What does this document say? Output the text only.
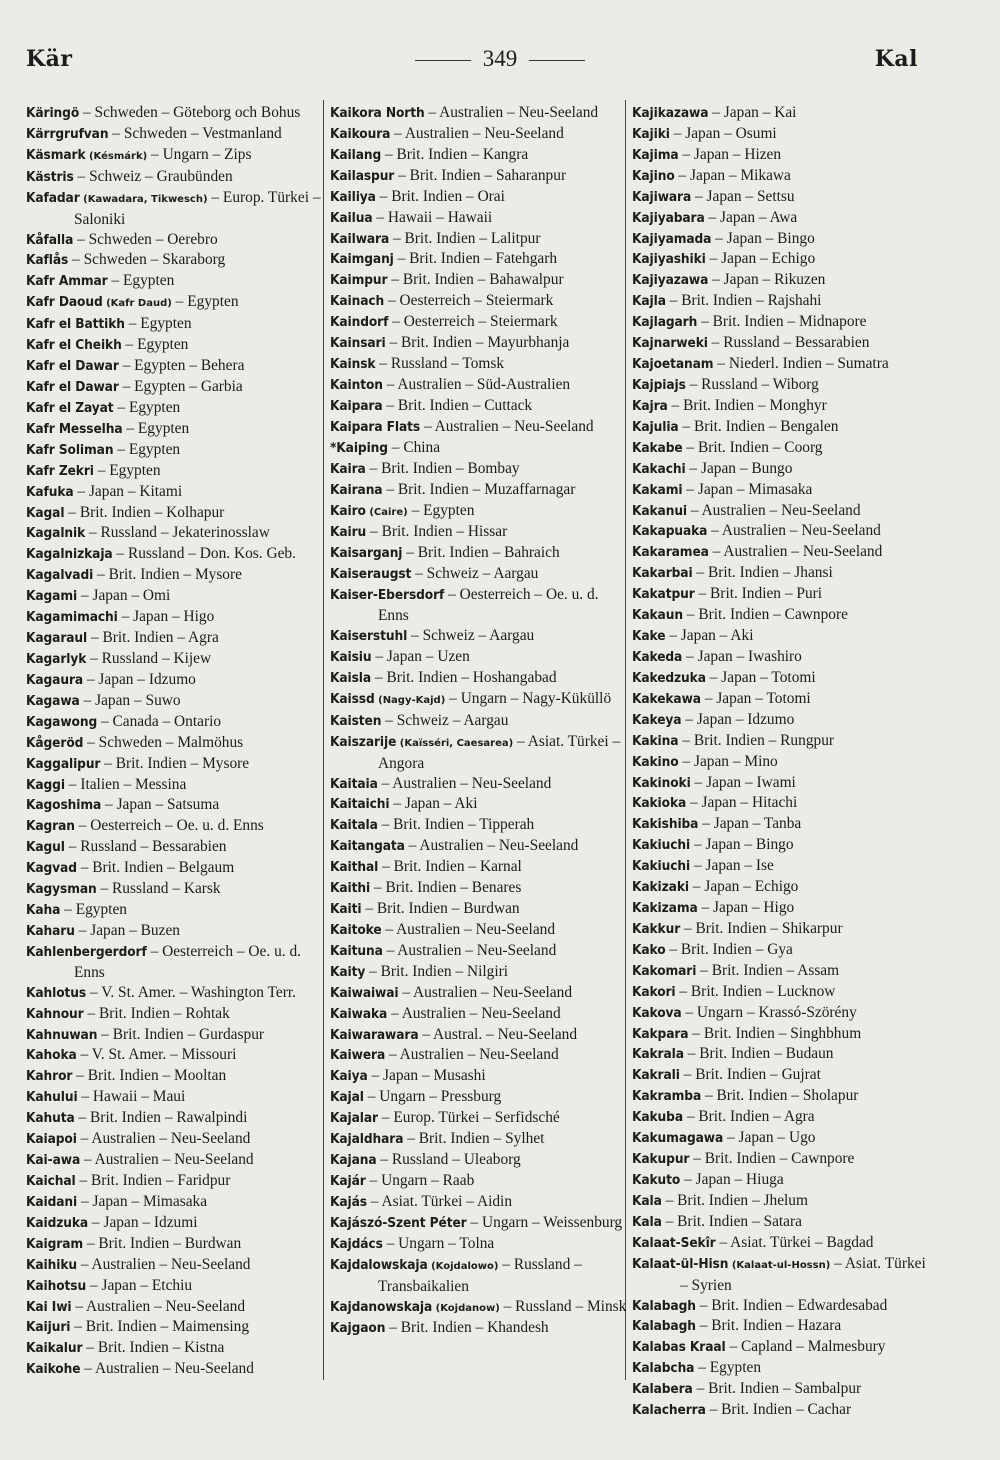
Kär	349	Kal
Käringö – Schweden – Göteborg och Bohus
Kärrgrufvan – Schweden – Vestmanland
Käsmark (Késmárk) – Ungarn – Zips
Kästris – Schweiz – Graubünden
Kafadar (Kawadara, Tikwesch) – Europ. Türkei – Saloniki
Kåfalla – Schweden – Oerebro
Kaflås – Schweden – Skaraborg
Kafr Ammar – Egypten
Kafr Daoud (Kafr Daud) – Egypten
Kafr el Battikh – Egypten
Kafr el Cheikh – Egypten
Kafr el Dawar – Egypten – Behera
Kafr el Dawar – Egypten – Garbia
Kafr el Zayat – Egypten
Kafr Messelha – Egypten
Kafr Soliman – Egypten
Kafr Zekri – Egypten
Kafuka – Japan – Kitami
Kagal – Brit. Indien – Kolhapur
Kagalnik – Russland – Jekaterinosslaw
Kagalnizkaja – Russland – Don. Kos. Geb.
Kagalvadi – Brit. Indien – Mysore
Kagami – Japan – Omi
Kagamimachi – Japan – Higo
Kagaraul – Brit. Indien – Agra
Kagarlyk – Russland – Kijew
Kagaura – Japan – Idzumo
Kagawa – Japan – Suwo
Kagawong – Canada – Ontario
Kågeröd – Schweden – Malmöhus
Kaggalipur – Brit. Indien – Mysore
Kaggi – Italien – Messina
Kagoshima – Japan – Satsuma
Kagran – Oesterreich – Oe. u. d. Enns
Kagul – Russland – Bessarabien
Kagvad – Brit. Indien – Belgaum
Kagysman – Russland – Karsk
Kaha – Egypten
Kaharu – Japan – Buzen
Kahlenbergerdorf – Oesterreich – Oe. u. d. Enns
Kahlotus – V. St. Amer. – Washington Terr.
Kahnour – Brit. Indien – Rohtak
Kahnuwan – Brit. Indien – Gurdaspur
Kahoka – V. St. Amer. – Missouri
Kahror – Brit. Indien – Mooltan
Kahului – Hawaii – Maui
Kahuta – Brit. Indien – Rawalpindi
Kaiapoi – Australien – Neu-Seeland
Kai-awa – Australien – Neu-Seeland
Kaichal – Brit. Indien – Faridpur
Kaidani – Japan – Mimasaka
Kaidzuka – Japan – Idzumi
Kaigram – Brit. Indien – Burdwan
Kaihiku – Australien – Neu-Seeland
Kaihotsu – Japan – Etchiu
Kai Iwi – Australien – Neu-Seeland
Kaijuri – Brit. Indien – Maimensing
Kaikalur – Brit. Indien – Kistna
Kaikohe – Australien – Neu-Seeland
Kaikora North – Australien – Neu-Seeland
Kaikoura – Australien – Neu-Seeland
Kailang – Brit. Indien – Kangra
Kailaspur – Brit. Indien – Saharanpur
Kailiya – Brit. Indien – Orai
Kailua – Hawaii – Hawaii
Kailwara – Brit. Indien – Lalitpur
Kaimganj – Brit. Indien – Fatehgarh
Kaimpur – Brit. Indien – Bahawalpur
Kainach – Oesterreich – Steiermark
Kaindorf – Oesterreich – Steiermark
Kainsari – Brit. Indien – Mayurbhanja
Kainsk – Russland – Tomsk
Kainton – Australien – Süd-Australien
Kaipara – Brit. Indien – Cuttack
Kaipara Flats – Australien – Neu-Seeland
*Kaiping – China
Kaira – Brit. Indien – Bombay
Kairana – Brit. Indien – Muzaffarnagar
Kairo (Caire) – Egypten
Kairu – Brit. Indien – Hissar
Kaisarganj – Brit. Indien – Bahraich
Kaiseraugst – Schweiz – Aargau
Kaiser-Ebersdorf – Oesterreich – Oe. u. d. Enns
Kaiserstuhl – Schweiz – Aargau
Kaisiu – Japan – Uzen
Kaisla – Brit. Indien – Hoshangabad
Kaissd (Nagy-Kajd) – Ungarn – Nagy-Küküllö
Kaisten – Schweiz – Aargau
Kaiszarije (Kaïsséri, Caesarea) – Asiat. Türkei – Angora
Kaitaia – Australien – Neu-Seeland
Kaitaichi – Japan – Aki
Kaitala – Brit. Indien – Tipperah
Kaitangata – Australien – Neu-Seeland
Kaithal – Brit. Indien – Karnal
Kaithi – Brit. Indien – Benares
Kaiti – Brit. Indien – Burdwan
Kaitoke – Australien – Neu-Seeland
Kaituna – Australien – Neu-Seeland
Kaity – Brit. Indien – Nilgiri
Kaiwaiwai – Australien – Neu-Seeland
Kaiwaka – Australien – Neu-Seeland
Kaiwarawara – Austral. – Neu-Seeland
Kaiwera – Australien – Neu-Seeland
Kaiya – Japan – Musashi
Kajal – Ungarn – Pressburg
Kajalar – Europ. Türkei – Serfidsché
Kajaldhara – Brit. Indien – Sylhet
Kajana – Russland – Uleaborg
Kajár – Ungarn – Raab
Kajás – Asiat. Türkei – Aidin
Kajászó-Szent Péter – Ungarn – Weissenburg
Kajdács – Ungarn – Tolna
Kajdalowskaja (Kojdalowo) – Russland – Transbaikalien
Kajdanowskaja (Kojdanow) – Russland – Minsk
Kajgaon – Brit. Indien – Khandesh
Kajikazawa – Japan – Kai
Kajiki – Japan – Osumi
Kajima – Japan – Hizen
Kajino – Japan – Mikawa
Kajiwara – Japan – Settsu
Kajiyabara – Japan – Awa
Kajiyamada – Japan – Bingo
Kajiyashiki – Japan – Echigo
Kajiyazawa – Japan – Rikuzen
Kajla – Brit. Indien – Rajshahi
Kajlagarh – Brit. Indien – Midnapore
Kajnarweki – Russland – Bessarabien
Kajoetanam – Niederl. Indien – Sumatra
Kajpiajs – Russland – Wiborg
Kajra – Brit. Indien – Monghyr
Kajulia – Brit. Indien – Bengalen
Kakabe – Brit. Indien – Coorg
Kakachi – Japan – Bungo
Kakami – Japan – Mimasaka
Kakanui – Australien – Neu-Seeland
Kakapuaka – Australien – Neu-Seeland
Kakaramea – Australien – Neu-Seeland
Kakarbai – Brit. Indien – Jhansi
Kakatpur – Brit. Indien – Puri
Kakaun – Brit. Indien – Cawnpore
Kake – Japan – Aki
Kakeda – Japan – Iwashiro
Kakedzuka – Japan – Totomi
Kakekawa – Japan – Totomi
Kakeya – Japan – Idzumo
Kakina – Brit. Indien – Rungpur
Kakino – Japan – Mino
Kakinoki – Japan – Iwami
Kakioka – Japan – Hitachi
Kakishiba – Japan – Tanba
Kakiuchi – Japan – Bingo
Kakiuchi – Japan – Ise
Kakizaki – Japan – Echigo
Kakizama – Japan – Higo
Kakkur – Brit. Indien – Shikarpur
Kako – Brit. Indien – Gya
Kakomari – Brit. Indien – Assam
Kakori – Brit. Indien – Lucknow
Kakova – Ungarn – Krassó-Szörény
Kakpara – Brit. Indien – Singhbhum
Kakrala – Brit. Indien – Budaun
Kakrali – Brit. Indien – Gujrat
Kakramba – Brit. Indien – Sholapur
Kakuba – Brit. Indien – Agra
Kakumagawa – Japan – Ugo
Kakupur – Brit. Indien – Cawnpore
Kakuto – Japan – Hiuga
Kala – Brit. Indien – Jhelum
Kala – Brit. Indien – Satara
Kalaat-Sekîr – Asiat. Türkei – Bagdad
Kalaat-ül-Hisn (Kalaat-ul-Hossn) – Asiat. Türkei – Syrien
Kalabagh – Brit. Indien – Edwardesabad
Kalabagh – Brit. Indien – Hazara
Kalabas Kraal – Capland – Malmesbury
Kalabcha – Egypten
Kalabera – Brit. Indien – Sambalpur
Kalacherra – Brit. Indien – Cachar
